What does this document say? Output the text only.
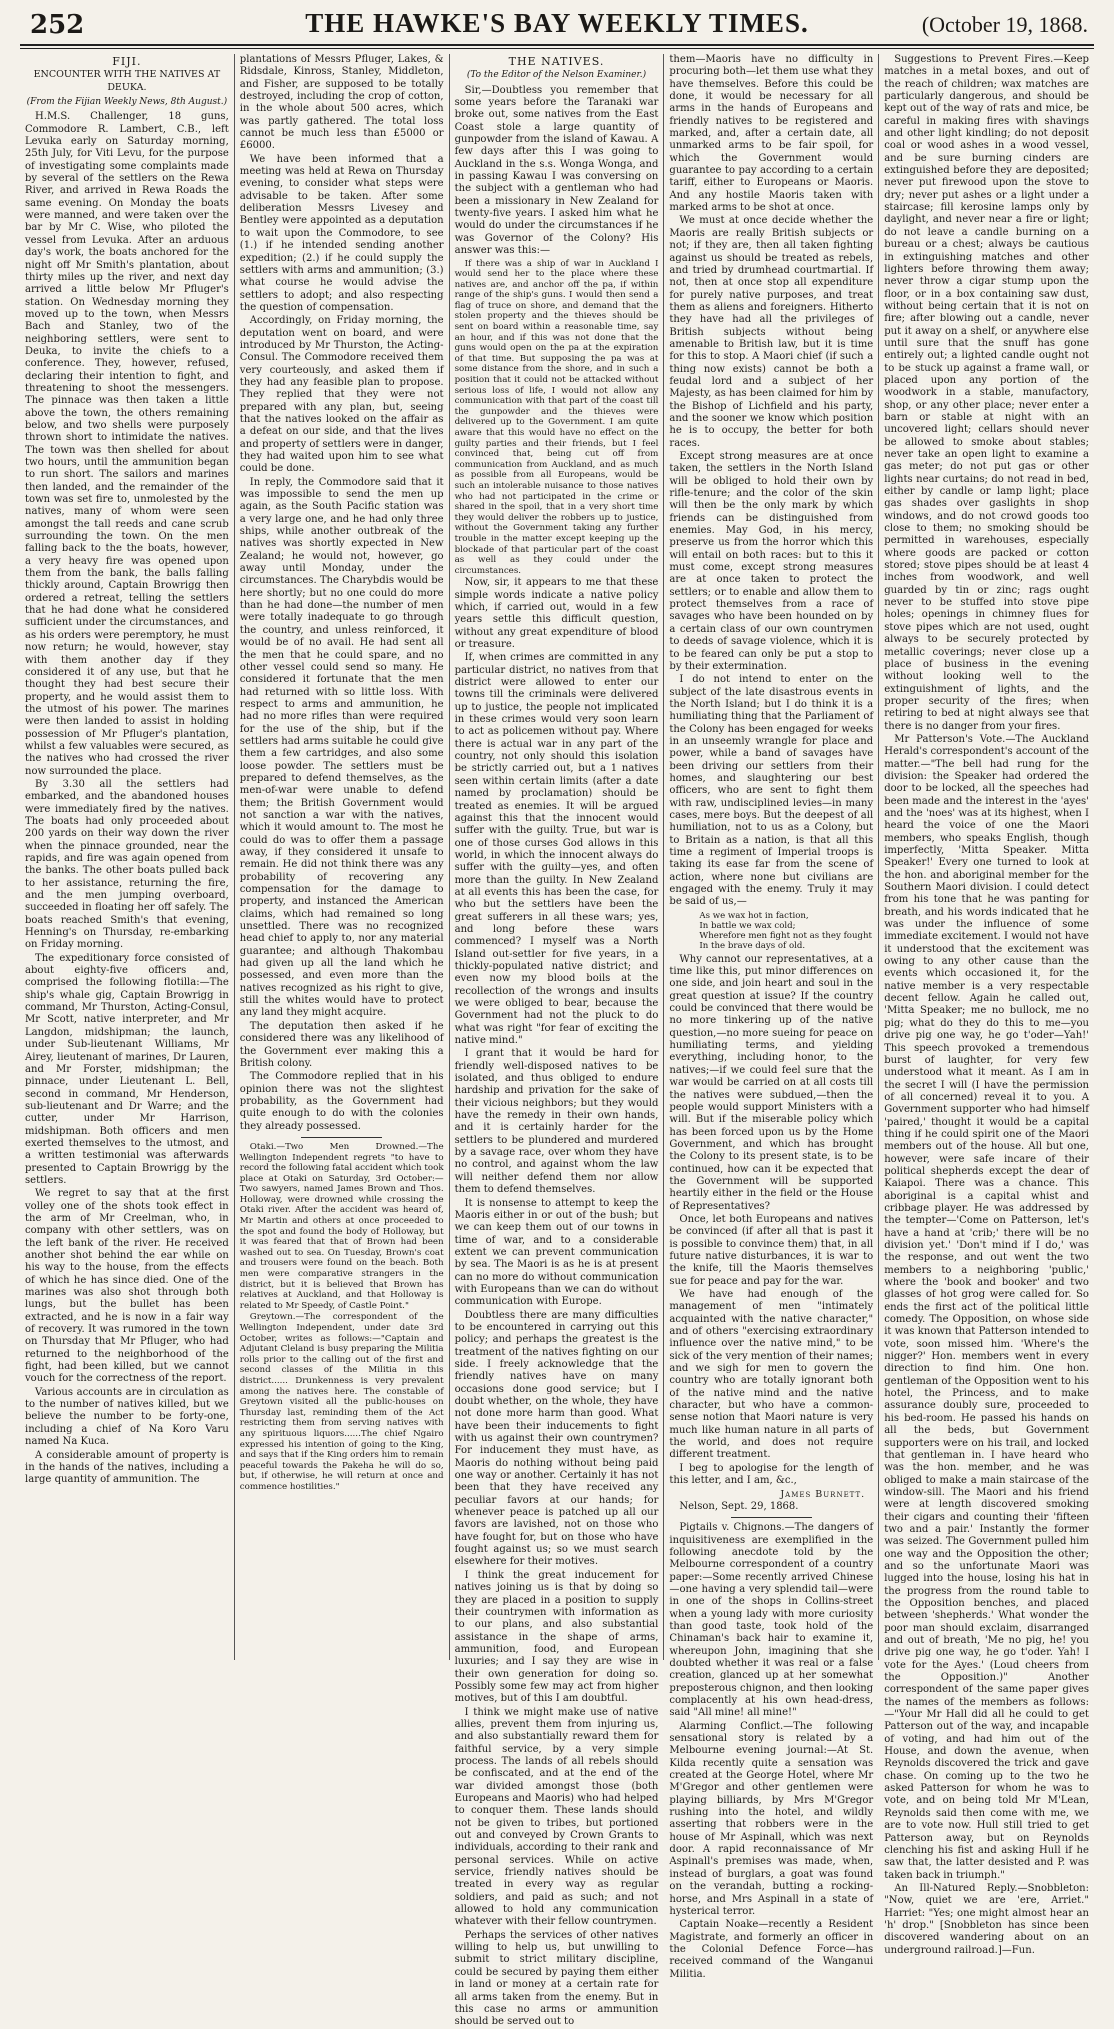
252	THE HAWKE'S BAY WEEKLY TIMES.	(October 19, 1868.
FIJI.
ENCOUNTER WITH THE NATIVES AT DEUKA.
(From the Fijian Weekly News, 8th August.)

H.M.S. Challenger, 18 guns, Commodore R. Lambert, C.B., left Levuka early on Saturday morning, 25th July, for Viti Levu, for the purpose of investigating some complaints made by several of the settlers on the Rewa River, and arrived in Rewa Roads the same evening. On Monday the boats were manned, and were taken over the bar by Mr C. Wise, who piloted the vessel from Levuka. After an arduous day's work, the boats anchored for the night off Mr Smith's plantation, about thirty miles up the river, and next day arrived a little below Mr Pfluger's station. On Wednesday morning they moved up to the town, when Messrs Bach and Stanley, two of the neighboring settlers, were sent to Deuka, to invite the chiefs to a conference. They, however, refused, declaring their intention to fight, and threatening to shoot the messengers. The pinnace was then taken a little above the town, the others remaining below, and two shells were purposely thrown short to intimidate the natives. The town was then shelled for about two hours, until the ammunition began to run short. The sailors and marines then landed, and the remainder of the town was set fire to, unmolested by the natives, many of whom were seen amongst the tall reeds and cane scrub surrounding the town. On the men falling back to the the boats, however, a very heavy fire was opened upon them from the bank, the balls falling thickly around, Captain Browrigg then ordered a retreat, telling the settlers that he had done what he considered sufficient under the circumstances, and as his orders were peremptory, he must now return; he would, however, stay with them another day if they considered it of any use, but that he thought they had best secure their property, and he would assist them to the utmost of his power. The marines were then landed to assist in holding possession of Mr Pfluger's plantation, whilst a few valuables were secured, as the natives who had crossed the river now surrounded the place.

By 3.30 all the settlers had embarked, and the abandoned houses were immediately fired by the natives. The boats had only proceeded about 200 yards on their way down the river when the pinnace grounded, near the rapids, and fire was again opened from the banks. The other boats pulled back to her assistance, returning the fire, and the men jumping overboard, succeeded in floating her off safely. The boats reached Smith's that evening, Henning's on Thursday, re-embarking on Friday morning.

The expeditionary force consisted of about eighty-five officers and, comprised the following flotilla:—The ship's whale gig, Captain Browrigg in command, Mr Thurston, Acting-Consul, Mr Scott, native interpreter, and Mr Langdon, midshipman; the launch, under Sub-lieutenant Williams, Mr Airey, lieutenant of marines, Dr Lauren, and Mr Forster, midshipman; the pinnace, under Lieutenant L. Bell, second in command, Mr Henderson, sub-lieutenant and Dr Warre; and the cutter, under Mr Harrison, midshipman. Both officers and men exerted themselves to the utmost, and a written testimonial was afterwards presented to Captain Browrigg by the settlers.

We regret to say that at the first volley one of the shots took effect in the arm of Mr Creelman, who, in company with other settlers, was on the left bank of the river. He received another shot behind the ear while on his way to the house, from the effects of which he has since died. One of the marines was also shot through both lungs, but the bullet has been extracted, and he is now in a fair way of recovery. It was rumored in the town on Thursday that Mr Pfluger, who had returned to the neighborhood of the fight, had been killed, but we cannot vouch for the correctness of the report.

Various accounts are in circulation as to the number of natives killed, but we believe the number to be forty-one, including a chief of Na Koro Varu named Na Kuca.

A considerable amount of property is in the hands of the natives, including a large quantity of ammunition. The

plantations of Messrs Pfluger, Lakes, & Ridsdale, Kinross, Stanley, Middleton, and Fisher, are supposed to be totally destroyed, including the crop of cotton, in the whole about 500 acres, which was partly gathered. The total loss cannot be much less than £5000 or £6000.

We have been informed that a meeting was held at Rewa on Thursday evening, to consider what steps were advisable to be taken. After some deliberation Messrs Livesey and Bentley were appointed as a deputation to wait upon the Commodore, to see (1.) if he intended sending another expedition; (2.) if he could supply the settlers with arms and ammunition; (3.) what course he would advise the settlers to adopt; and also respecting the question of compensation.

Accordingly, on Friday morning, the deputation went on board, and were introduced by Mr Thurston, the Acting-Consul. The Commodore received them very courteously, and asked them if they had any feasible plan to propose. They replied that they were not prepared with any plan, but, seeing that the natives looked on the affair as a defeat on our side, and that the lives and property of settlers were in danger, they had waited upon him to see what could be done.

In reply, the Commodore said that it was impossible to send the men up again, as the South Pacific station was a very large one, and he had only three ships, while another outbreak of the natives was shortly expected in New Zealand; he would not, however, go away until Monday, under the circumstances. The Charybdis would be here shortly; but no one could do more than he had done—the number of men were totally inadequate to go through the country, and unless reinforced, it would be of no avail. He had sent all the men that he could spare, and no other vessel could send so many. He considered it fortunate that the men had returned with so little loss. With respect to arms and ammunition, he had no more rifles than were required for the use of the ship, but if the settlers had arms suitable he could give them a few cartridges, and also some loose powder. The settlers must be prepared to defend themselves, as the men-of-war were unable to defend them; the British Government would not sanction a war with the natives, which it would amount to. The most he could do was to offer them a passage away, if they considered it unsafe to remain. He did not think there was any probability of recovering any compensation for the damage to property, and instanced the American claims, which had remained so long unsettled. There was no recognized head chief to apply to, nor any material guarantee; and although Thakombau had given up all the land which he possessed, and even more than the natives recognized as his right to give, still the whites would have to protect any land they might acquire.

The deputation then asked if he considered there was any likelihood of the Government ever making this a British colony.

The Commodore replied that in his opinion there was not the slightest probability, as the Government had quite enough to do with the colonies they already possessed.

Otaki.—Two Men Drowned.—The Wellington Independent regrets "to have to record the following fatal accident which took place at Otaki on Saturday, 3rd October:—Two sawyers, named James Brown and Thos. Holloway, were drowned while crossing the Otaki river. After the accident was heard of, Mr Martin and others at once proceeded to the spot and found the body of Holloway, but it was feared that that of Brown had been washed out to sea. On Tuesday, Brown's coat and trousers were found on the beach. Both men were comparative strangers in the district, but it is believed that Brown has relatives at Auckland, and that Holloway is related to Mr Speedy, of Castle Point."

Greytown.—The correspondent of the Wellington Independent, under date 3rd October, writes as follows:—"Captain and Adjutant Cleland is busy preparing the Militia rolls prior to the calling out of the first and second classes of the Militia in this district...... Drunkenness is very prevalent among the natives here. The constable of Greytown visited all the public-houses on Thursday last, reminding them of the Act restricting them from serving natives with any spirituous liquors......The chief Ngairo expressed his intention of going to the King, and says that if the King orders him to remain peaceful towards the Pakeha he will do so, but, if otherwise, he will return at once and commence hostilities."

THE NATIVES.
(To the Editor of the Nelson Examiner.)

Sir,—Doubtless you remember that some years before the Taranaki war broke out, some natives from the East Coast stole a large quantity of gunpowder from the island of Kawau. A few days after this I was going to Auckland in the s.s. Wonga Wonga, and in passing Kawau I was conversing on the subject with a gentleman who had been a missionary in New Zealand for twenty-five years. I asked him what he would do under the circumstances if he was Governor of the Colony? His answer was this:—

If there was a ship of war in Auckland I would send her to the place where these natives are, and anchor off the pa, if within range of the ship's guns. I would then send a flag of truce on shore, and demand that the stolen property and the thieves should be sent on board within a reasonable time, say an hour, and if this was not done that the guns would open on the pa at the expiration of that time. But supposing the pa was at some distance from the shore, and in such a position that it could not be attacked without serious loss of life, I would not allow any communication with that part of the coast till the gunpowder and the thieves were delivered up to the Government. I am quite aware that this would have no effect on the guilty parties and their friends, but I feel convinced that, being cut off from communication from Auckland, and as much as possible from all Europeans, would be such an intolerable nuisance to those natives who had not participated in the crime or shared in the spoil, that in a very short time they would deliver the robbers up to justice, without the Government taking any further trouble in the matter except keeping up the blockade of that particular part of the coast as well as they could under the circumstances.

Now, sir, it appears to me that these simple words indicate a native policy which, if carried out, would in a few years settle this difficult question, without any great expenditure of blood or treasure.

If, when crimes are committed in any particular district, no natives from that district were allowed to enter our towns till the criminals were delivered up to justice, the people not implicated in these crimes would very soon learn to act as policemen without pay. Where there is actual war in any part of the country, not only should this isolation be strictly carried out, but a 1 natives seen within certain limits (after a date named by proclamation) should be treated as enemies. It will be argued against this that the innocent would suffer with the guilty. True, but war is one of those curses God allows in this world, in which the innocent always do suffer with the guilty—yes, and often more than the guilty. In New Zealand at all events this has been the case, for who but the settlers have been the great sufferers in all these wars; yes, and long before these wars commenced? I myself was a North Island out-settler for five years, in a thickly-populated native district; and even now my blood boils at the recollection of the wrongs and insults we were obliged to bear, because the Government had not the pluck to do what was right "for fear of exciting the native mind."

I grant that it would be hard for friendly well-disposed natives to be isolated, and thus obliged to endure hardship and privation for the sake of their vicious neighbors; but they would have the remedy in their own hands, and it is certainly harder for the settlers to be plundered and murdered by a savage race, over whom they have no control, and against whom the law will neither defend them nor allow them to defend themselves.

It is nonsense to attempt to keep the Maoris either in or out of the bush; but we can keep them out of our towns in time of war, and to a considerable extent we can prevent communication by sea. The Maori is as he is at present can no more do without communication with Europeans than we can do without communication with Europe.

Doubtless there are many difficulties to be encountered in carrying out this policy; and perhaps the greatest is the treatment of the natives fighting on our side. I freely acknowledge that the friendly natives have on many occasions done good service; but I doubt whether, on the whole, they have not done more harm than good. What have been their inducements to fight with us against their own countrymen? For inducement they must have, as Maoris do nothing without being paid one way or another. Certainly it has not been that they have received any peculiar favors at our hands; for whenever peace is patched up all our favors are lavished, not on those who have fought for, but on those who have fought against us; so we must search elsewhere for their motives.

I think the great inducement for natives joining us is that by doing so they are placed in a position to supply their countrymen with information as to our plans, and also substantial assistance in the shape of arms, ammunition, food, and European luxuries; and I say they are wise in their own generation for doing so. Possibly some few may act from higher motives, but of this I am doubtful.

I think we might make use of native allies, prevent them from injuring us, and also substantially reward them for faithful service, by a very simple process. The lands of all rebels should be confiscated, and at the end of the war divided amongst those (both Europeans and Maoris) who had helped to conquer them. These lands should not be given to tribes, but portioned out and conveyed by Crown Grants to individuals, according to their rank and personal services. While on active service, friendly natives should be treated in every way as regular soldiers, and paid as such; and not allowed to hold any communication whatever with their fellow countrymen.

Perhaps the services of other natives willing to help us, but unwilling to submit to strict military discipline, could be secured by paying them either in land or money at a certain rate for all arms taken from the enemy. But in this case no arms or ammunition should be served out to

them—Maoris have no difficulty in procuring both—let them use what they have themselves. Before this could be done, it would be necessary for all arms in the hands of Europeans and friendly natives to be registered and marked, and, after a certain date, all unmarked arms to be fair spoil, for which the Government would guarantee to pay according to a certain tariff, either to Europeans or Maoris. And any hostile Maoris taken with marked arms to be shot at once.

We must at once decide whether the Maoris are really British subjects or not; if they are, then all taken fighting against us should be treated as rebels, and tried by drumhead courtmartial. If not, then at once stop all expenditure for purely native purposes, and treat them as aliens and foreigners. Hitherto they have had all the privileges of British subjects without being amenable to British law, but it is time for this to stop. A Maori chief (if such a thing now exists) cannot be both a feudal lord and a subject of her Majesty, as has been claimed for him by the Bishop of Lichfield and his party, and the sooner we know which position he is to occupy, the better for both races.

Except strong measures are at once taken, the settlers in the North Island will be obliged to hold their own by rifle-tenure; and the color of the skin will then be the only mark by which friends can be distinguished from enemies. May God, in his mercy, preserve us from the horror which this will entail on both races: but to this it must come, except strong measures are at once taken to protect the settlers; or to enable and allow them to protect themselves from a race of savages who have been hounded on by a certain class of our own countrymen to deeds of savage violence, which it is to be feared can only be put a stop to by their extermination.

I do not intend to enter on the subject of the late disastrous events in the North Island; but I do think it is a humiliating thing that the Parliament of the Colony has been engaged for weeks in an unseemly wrangle for place and power, while a band of savages have been driving our settlers from their homes, and slaughtering our best officers, who are sent to fight them with raw, undisciplined levies—in many cases, mere boys. But the deepest of all humiliation, not to us as a Colony, but to Britain as a nation, is that all this time a regiment of Imperial troops is taking its ease far from the scene of action, where none but civilians are engaged with the enemy. Truly it may be said of us,—

As we wax hot in faction,
In battle we wax cold;
Wherefore men fight not as they fought
In the brave days of old.

Why cannot our representatives, at a time like this, put minor differences on one side, and join heart and soul in the great question at issue? If the country could be convinced that there would be no more tinkering up of the native question,—no more sueing for peace on humiliating terms, and yielding everything, including honor, to the natives;—if we could feel sure that the war would be carried on at all costs till the natives were subdued,—then the people would support Ministers with a will. But if the miserable policy which has been forced upon us by the Home Government, and which has brought the Colony to its present state, is to be continued, how can it be expected that the Government will be supported heartily either in the field or the House of Representatives?

Once, let both Europeans and natives be convinced (if after all that is past it is possible to convince them) that, in all future native disturbances, it is war to the knife, till the Maoris themselves sue for peace and pay for the war.

We have had enough of the management of men "intimately acquainted with the native character," and of others "exercising extraordinary influence over the native mind," to be sick of the very mention of their names; and we sigh for men to govern the country who are totally ignorant both of the native mind and the native character, but who have a common-sense notion that Maori nature is very much like human nature in all parts of the world, and does not require different treatment.

I beg to apologise for the length of this letter, and I am, &c.,

James Burnett.
Nelson, Sept. 29, 1868.

Pigtails v. Chignons.—The dangers of inquisitiveness are exemplified in the following anecdote told by the Melbourne correspondent of a country paper:—Some recently arrived Chinese—one having a very splendid tail—were in one of the shops in Collins-street when a young lady with more curiosity than good taste, took hold of the Chinaman's back hair to examine it, whereupon John, imagining that she doubted whether it was real or a false creation, glanced up at her somewhat preposterous chignon, and then looking complacently at his own head-dress, said "All mine! all mine!"

Alarming Conflict.—The following sensational story is related by a Melbourne evening journal:—At St. Kilda recently quite a sensation was created at the George Hotel, where Mr M'Gregor and other gentlemen were playing billiards, by Mrs M'Gregor rushing into the hotel, and wildly asserting that robbers were in the house of Mr Aspinall, which was next door. A rapid reconnaissance of Mr Aspinall's premises was made, when, instead of burglars, a goat was found on the verandah, butting a rocking-horse, and Mrs Aspinall in a state of hysterical terror.

Captain Noake—recently a Resident Magistrate, and formerly an officer in the Colonial Defence Force—has received command of the Wanganui Militia.

Suggestions to Prevent Fires.—Keep matches in a metal boxes, and out of the reach of children; wax matches are particularly dangerous, and should be kept out of the way of rats and mice, be careful in making fires with shavings and other light kindling; do not deposit coal or wood ashes in a wood vessel, and be sure burning cinders are extinguished before they are deposited; never put firewood upon the stove to dry; never put ashes or a light under a staircase; fill kerosine lamps only by daylight, and never near a fire or light; do not leave a candle burning on a bureau or a chest; always be cautious in extinguishing matches and other lighters before throwing them away; never throw a cigar stump upon the floor, or in a box containing saw dust, without being certain that it is not on fire; after blowing out a candle, never put it away on a shelf, or anywhere else until sure that the snuff has gone entirely out; a lighted candle ought not to be stuck up against a frame wall, or placed upon any portion of the woodwork in a stable, manufactory, shop, or any other place; never enter a barn or stable at night with an uncovered light; cellars should never be allowed to smoke about stables; never take an open light to examine a gas meter; do not put gas or other lights near curtains; do not read in bed, either by candle or lamp light; place gas shades over gaslights in shop windows, and do not crowd goods too close to them; no smoking should be permitted in warehouses, especially where goods are packed or cotton stored; stove pipes should be at least 4 inches from woodwork, and well guarded by tin or zinc; rags ought never to be stuffed into stove pipe holes; openings in chimney flues for stove pipes which are not used, ought always to be securely protected by metallic coverings; never close up a place of business in the evening without looking well to the extinguishment of lights, and the proper security of the fires; when retiring to bed at night always see that there is no danger from your fires.

Mr Patterson's Vote.—The Auckland Herald's correspondent's account of the matter.—"The bell had rung for the division: the Speaker had ordered the door to be locked, all the speeches had been made and the interest in the 'ayes' and the 'noes' was at its highest, when I heard the voice of one the Maori members, who speaks English, though imperfectly, 'Mitta Speaker. Mitta Speaker!' Every one turned to look at the hon. and aboriginal member for the Southern Maori division. I could detect from his tone that he was panting for breath, and his words indicated that he was under the influence of some immediate excitement. I would not have it understood that the excitement was owing to any other cause than the events which occasioned it, for the native member is a very respectable decent fellow. Again he called out, 'Mitta Speaker; me no bullock, me no pig; what do they do this to me—you drive pig one way, he go t'oder—Yah!' This speech provoked a tremendous burst of laughter, for very few understood what it meant. As I am in the secret I will (I have the permission of all concerned) reveal it to you. A Government supporter who had himself 'paired,' thought it would be a capital thing if he could spirit one of the Maori members out of the house. All but one, however, were safe incare of their political shepherds except the dear of Kaiapoi. There was a chance. This aboriginal is a capital whist and cribbage player. He was addressed by the tempter—'Come on Patterson, let's have a hand at 'crib;' there will be no division yet.' 'Don't mind if I do,' was the response, and out went the two members to a neighboring 'public,' where the 'book and booker' and two glasses of hot grog were called for. So ends the first act of the political little comedy. The Opposition, on whose side it was known that Patterson intended to vote, soon missed him. 'Where's the nigger?' Hon. members went in every direction to find him. One hon. gentleman of the Opposition went to his hotel, the Princess, and to make assurance doubly sure, proceeded to his bed-room. He passed his hands on all the beds, but Government supporters were on his trail, and locked that gentleman in. I have heard who was the hon. member, and he was obliged to make a main staircase of the window-sill. The Maori and his friend were at length discovered smoking their cigars and counting their 'fifteen two and a pair.' Instantly the former was seized. The Government pulled him one way and the Opposition the other; and so the unfortunate Maori was lugged into the house, losing his hat in the progress from the round table to the Opposition benches, and placed between 'shepherds.' What wonder the poor man should exclaim, disarranged and out of breath, 'Me no pig, he! you drive pig one way, he go t'oder. Yah! I vote for the Ayes.' (Loud cheers from the Opposition.)" Another correspondent of the same paper gives the names of the members as follows:—"Your Mr Hall did all he could to get Patterson out of the way, and incapable of voting, and had him out of the House, and down the avenue, when Reynolds discovered the trick and gave chase. On coming up to the two he asked Patterson for whom he was to vote, and on being told Mr M'Lean, Reynolds said then come with me, we are to vote now. Hull still tried to get Patterson away, but on Reynolds clenching his fist and asking Hull if he saw that, the latter desisted and P. was taken back in triumph."

An Ill-Natured Reply.—Snobbleton: "Now, quiet we are 'ere, Arriet." Harriet: "Yes; one might almost hear an 'h' drop." [Snobbleton has since been discovered wandering about on an underground railroad.]—Fun.
